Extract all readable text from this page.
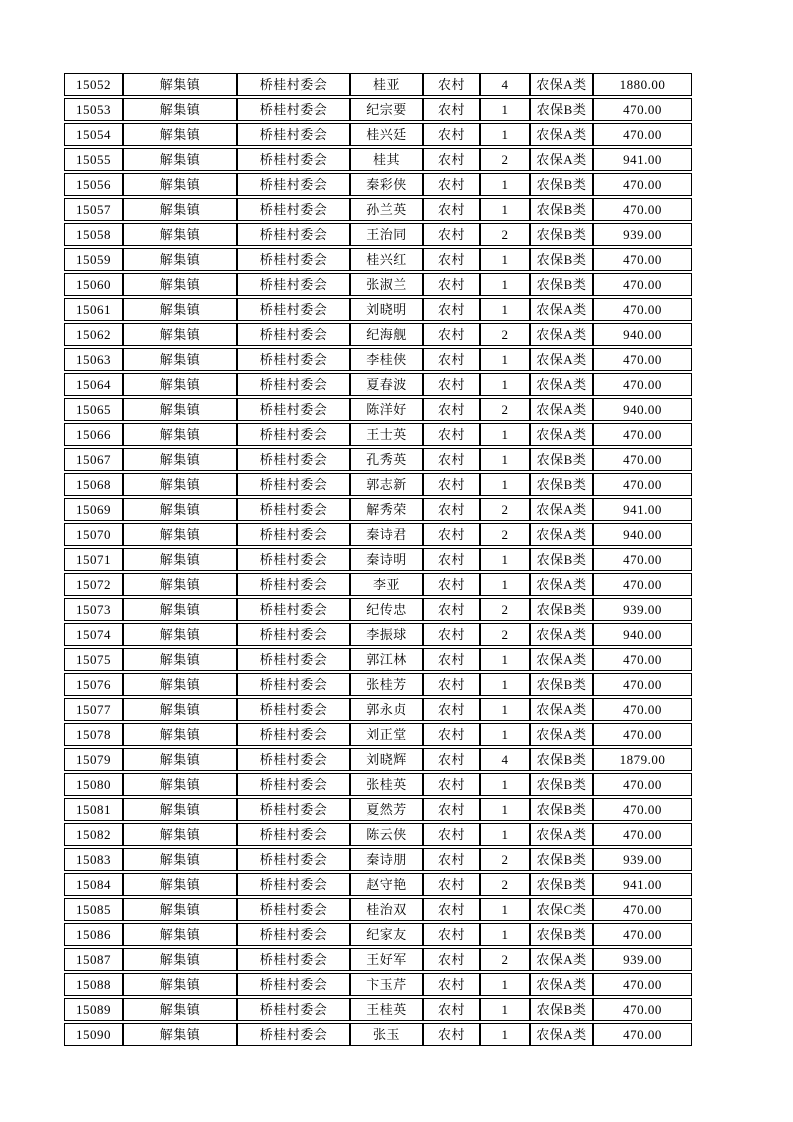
15052	解集镇	桥桂村委会	桂亚	农村	4	农保A类	1880.00
15053	解集镇	桥桂村委会	纪宗要	农村	1	农保B类	470.00
15054	解集镇	桥桂村委会	桂兴廷	农村	1	农保A类	470.00
15055	解集镇	桥桂村委会	桂其	农村	2	农保A类	941.00
15056	解集镇	桥桂村委会	秦彩侠	农村	1	农保B类	470.00
15057	解集镇	桥桂村委会	孙兰英	农村	1	农保B类	470.00
15058	解集镇	桥桂村委会	王治同	农村	2	农保B类	939.00
15059	解集镇	桥桂村委会	桂兴红	农村	1	农保B类	470.00
15060	解集镇	桥桂村委会	张淑兰	农村	1	农保B类	470.00
15061	解集镇	桥桂村委会	刘晓明	农村	1	农保A类	470.00
15062	解集镇	桥桂村委会	纪海舰	农村	2	农保A类	940.00
15063	解集镇	桥桂村委会	李桂侠	农村	1	农保A类	470.00
15064	解集镇	桥桂村委会	夏春波	农村	1	农保A类	470.00
15065	解集镇	桥桂村委会	陈洋好	农村	2	农保A类	940.00
15066	解集镇	桥桂村委会	王士英	农村	1	农保A类	470.00
15067	解集镇	桥桂村委会	孔秀英	农村	1	农保B类	470.00
15068	解集镇	桥桂村委会	郭志新	农村	1	农保B类	470.00
15069	解集镇	桥桂村委会	解秀荣	农村	2	农保A类	941.00
15070	解集镇	桥桂村委会	秦诗君	农村	2	农保A类	940.00
15071	解集镇	桥桂村委会	秦诗明	农村	1	农保B类	470.00
15072	解集镇	桥桂村委会	李亚	农村	1	农保A类	470.00
15073	解集镇	桥桂村委会	纪传忠	农村	2	农保B类	939.00
15074	解集镇	桥桂村委会	李振球	农村	2	农保A类	940.00
15075	解集镇	桥桂村委会	郭江林	农村	1	农保A类	470.00
15076	解集镇	桥桂村委会	张桂芳	农村	1	农保B类	470.00
15077	解集镇	桥桂村委会	郭永贞	农村	1	农保A类	470.00
15078	解集镇	桥桂村委会	刘正堂	农村	1	农保A类	470.00
15079	解集镇	桥桂村委会	刘晓辉	农村	4	农保B类	1879.00
15080	解集镇	桥桂村委会	张桂英	农村	1	农保B类	470.00
15081	解集镇	桥桂村委会	夏然芳	农村	1	农保B类	470.00
15082	解集镇	桥桂村委会	陈云侠	农村	1	农保A类	470.00
15083	解集镇	桥桂村委会	秦诗朋	农村	2	农保B类	939.00
15084	解集镇	桥桂村委会	赵守艳	农村	2	农保B类	941.00
15085	解集镇	桥桂村委会	桂治双	农村	1	农保C类	470.00
15086	解集镇	桥桂村委会	纪家友	农村	1	农保B类	470.00
15087	解集镇	桥桂村委会	王好军	农村	2	农保A类	939.00
15088	解集镇	桥桂村委会	卞玉芹	农村	1	农保A类	470.00
15089	解集镇	桥桂村委会	王桂英	农村	1	农保B类	470.00
15090	解集镇	桥桂村委会	张玉	农村	1	农保A类	470.00
